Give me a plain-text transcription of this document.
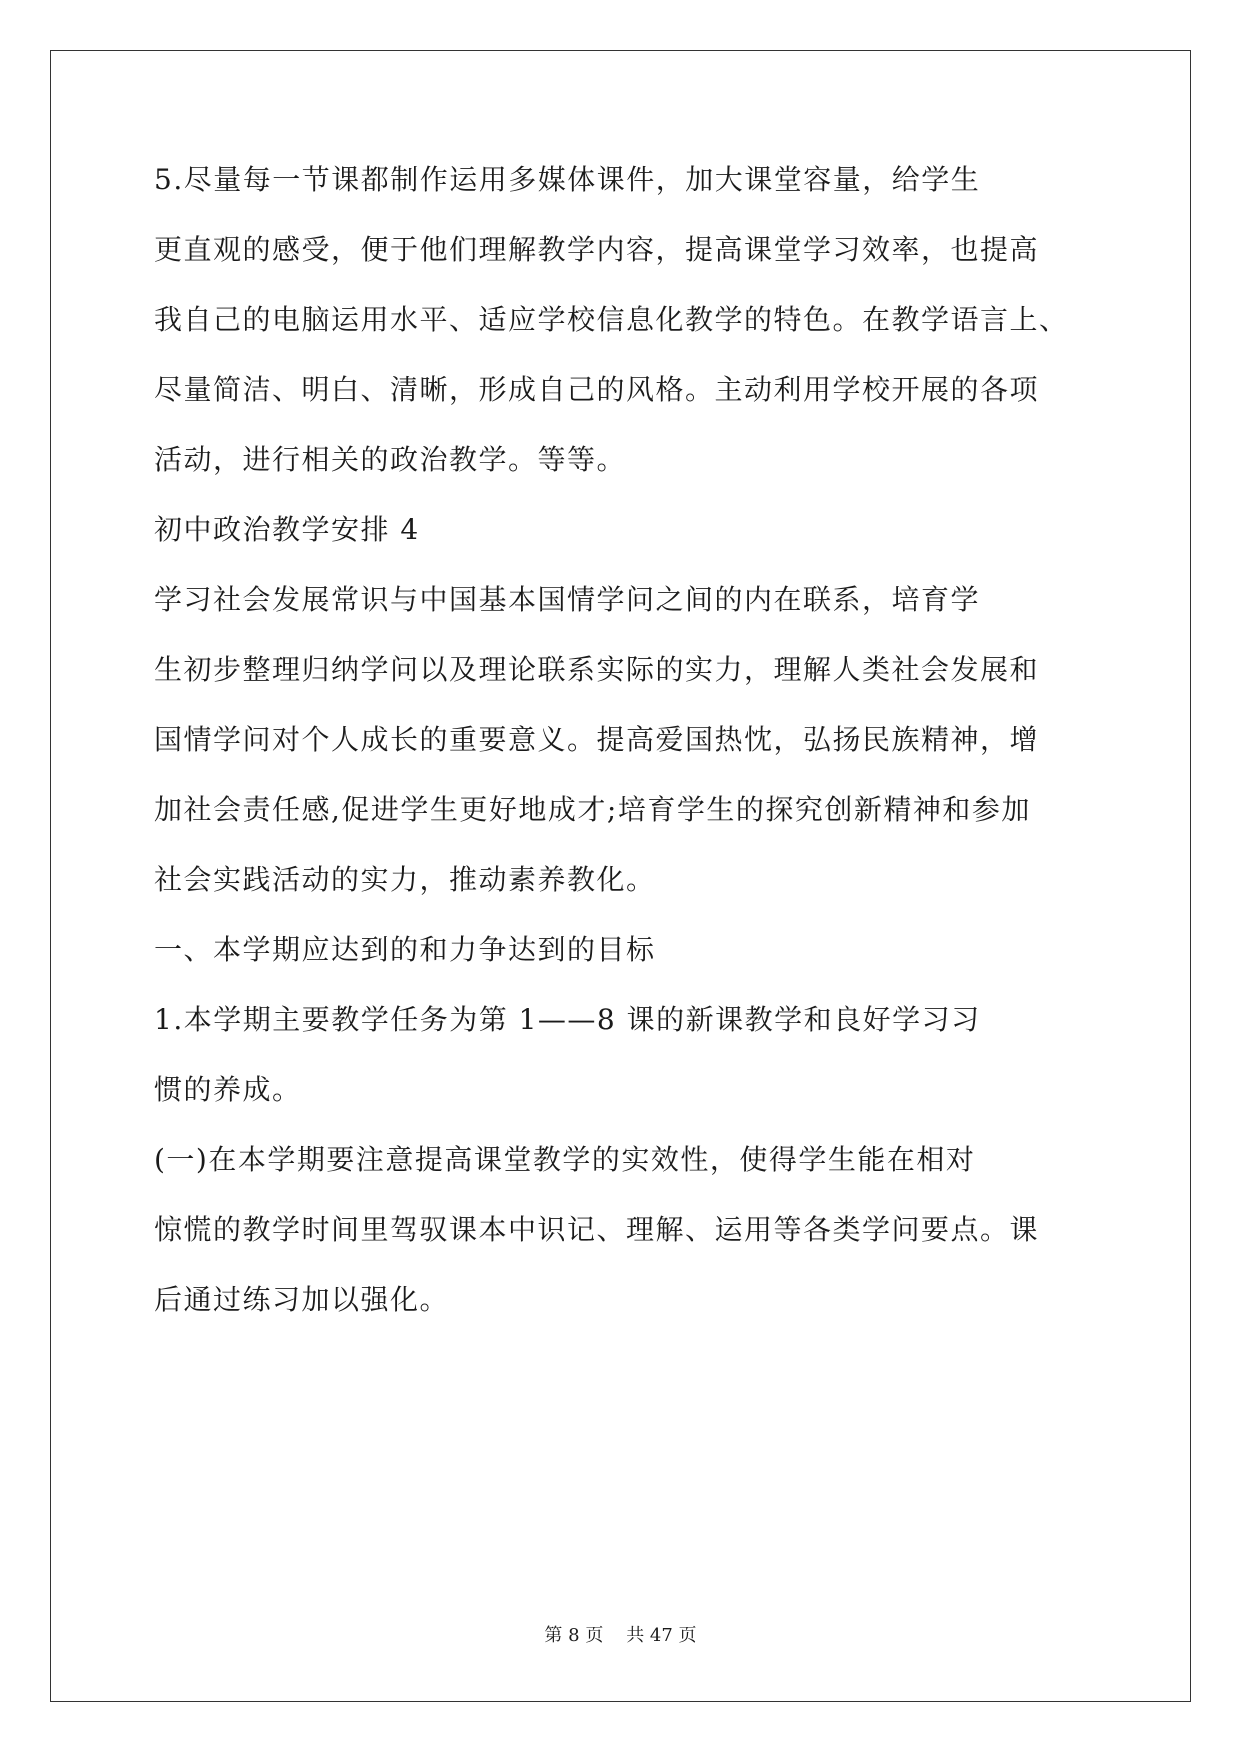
5.尽量每一节课都制作运用多媒体课件，加大课堂容量，给学生
更直观的感受，便于他们理解教学内容，提高课堂学习效率，也提高
我自己的电脑运用水平、适应学校信息化教学的特色。在教学语言上、
尽量简洁、明白、清晰，形成自己的风格。主动利用学校开展的各项
活动，进行相关的政治教学。等等。
初中政治教学安排 4
学习社会发展常识与中国基本国情学问之间的内在联系，培育学
生初步整理归纳学问以及理论联系实际的实力，理解人类社会发展和
国情学问对个人成长的重要意义。提高爱国热忱，弘扬民族精神，增
加社会责任感,促进学生更好地成才;培育学生的探究创新精神和参加
社会实践活动的实力，推动素养教化。
一、本学期应达到的和力争达到的目标
1.本学期主要教学任务为第 1——8 课的新课教学和良好学习习
惯的养成。
(一)在本学期要注意提高课堂教学的实效性，使得学生能在相对
惊慌的教学时间里驾驭课本中识记、理解、运用等各类学问要点。课
后通过练习加以强化。
第 8 页    共 47 页
